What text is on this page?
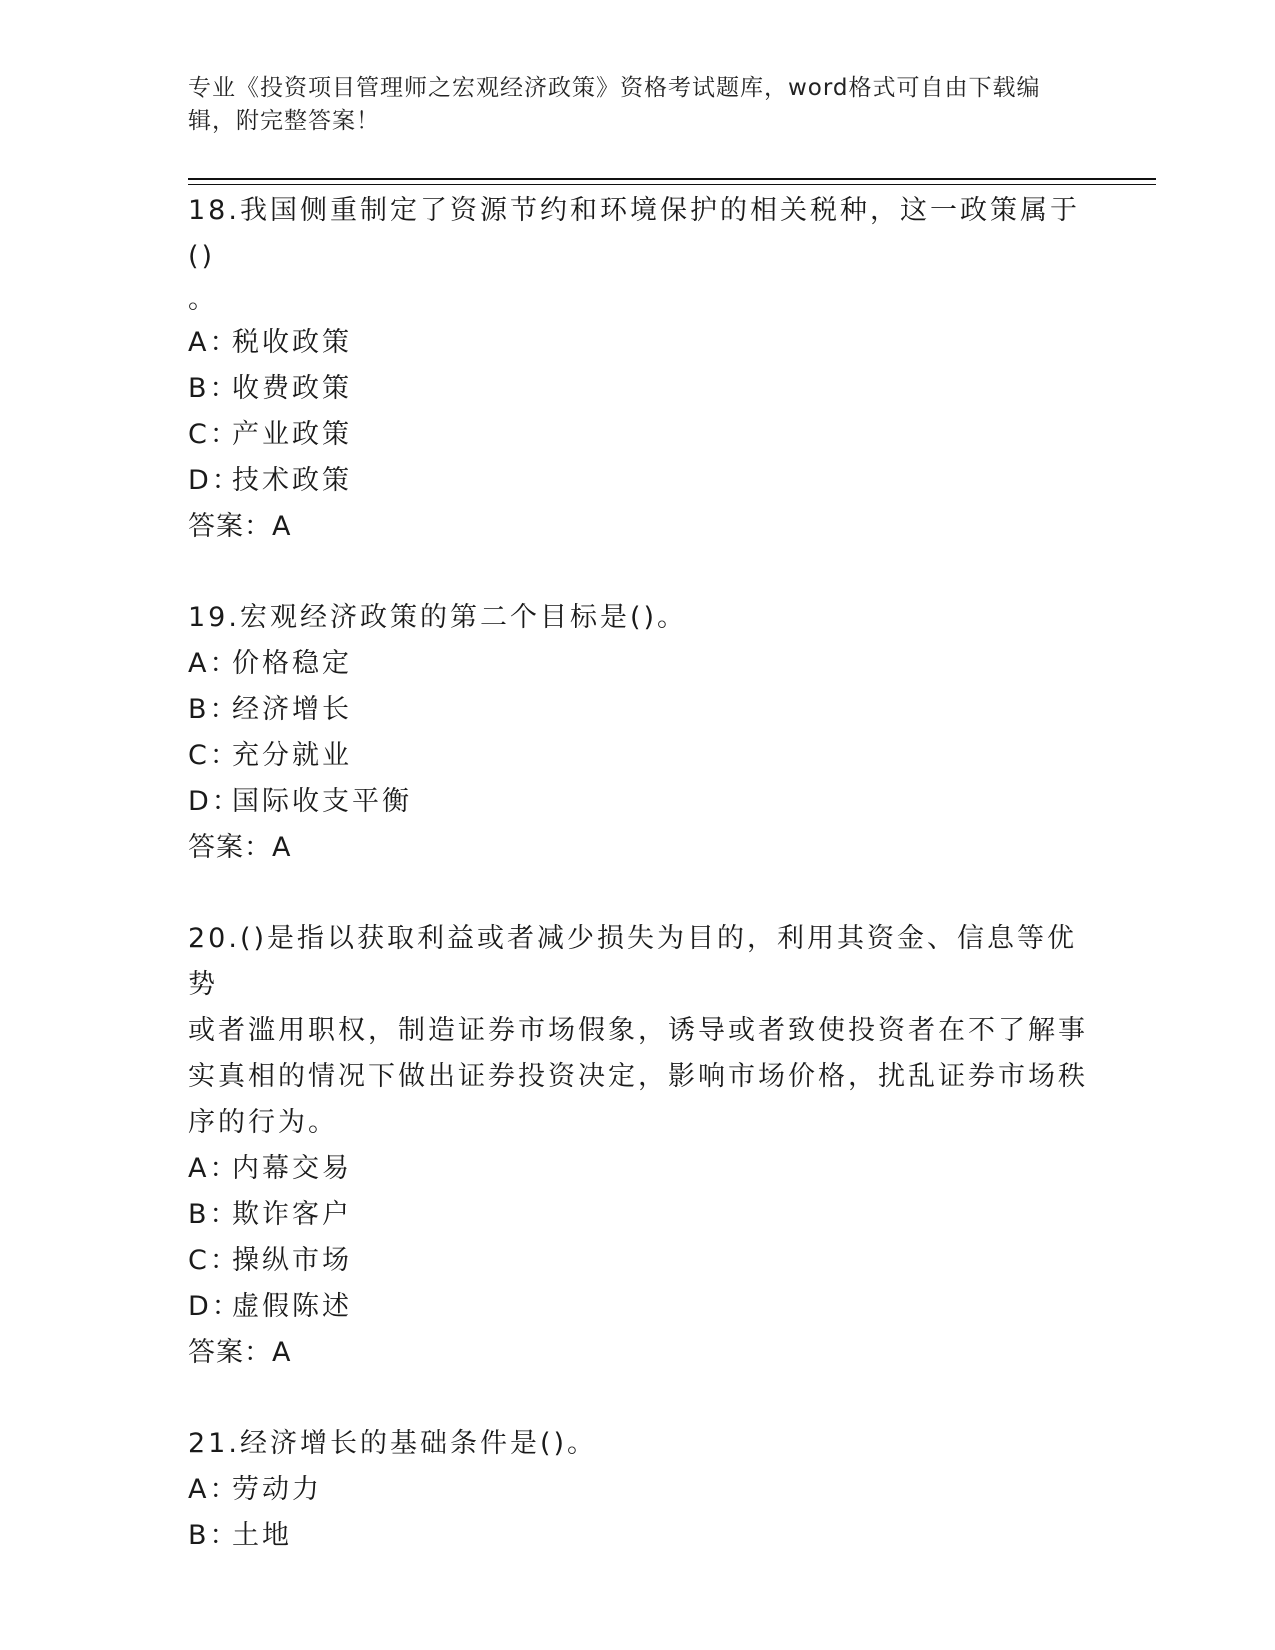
专业《投资项目管理师之宏观经济政策》资格考试题库，word格式可自由下载编
辑，附完整答案！
18.我国侧重制定了资源节约和环境保护的相关税种，这一政策属于()
。
A：税收政策
B：收费政策
C：产业政策
D：技术政策
答案：A
19.宏观经济政策的第二个目标是()。
A：价格稳定
B：经济增长
C：充分就业
D：国际收支平衡
答案：A
20.()是指以获取利益或者减少损失为目的，利用其资金、信息等优势
或者滥用职权，制造证券市场假象，诱导或者致使投资者在不了解事
实真相的情况下做出证券投资决定，影响市场价格，扰乱证券市场秩
序的行为。
A：内幕交易
B：欺诈客户
C：操纵市场
D：虚假陈述
答案：A
21.经济增长的基础条件是()。
A：劳动力
B：土地
